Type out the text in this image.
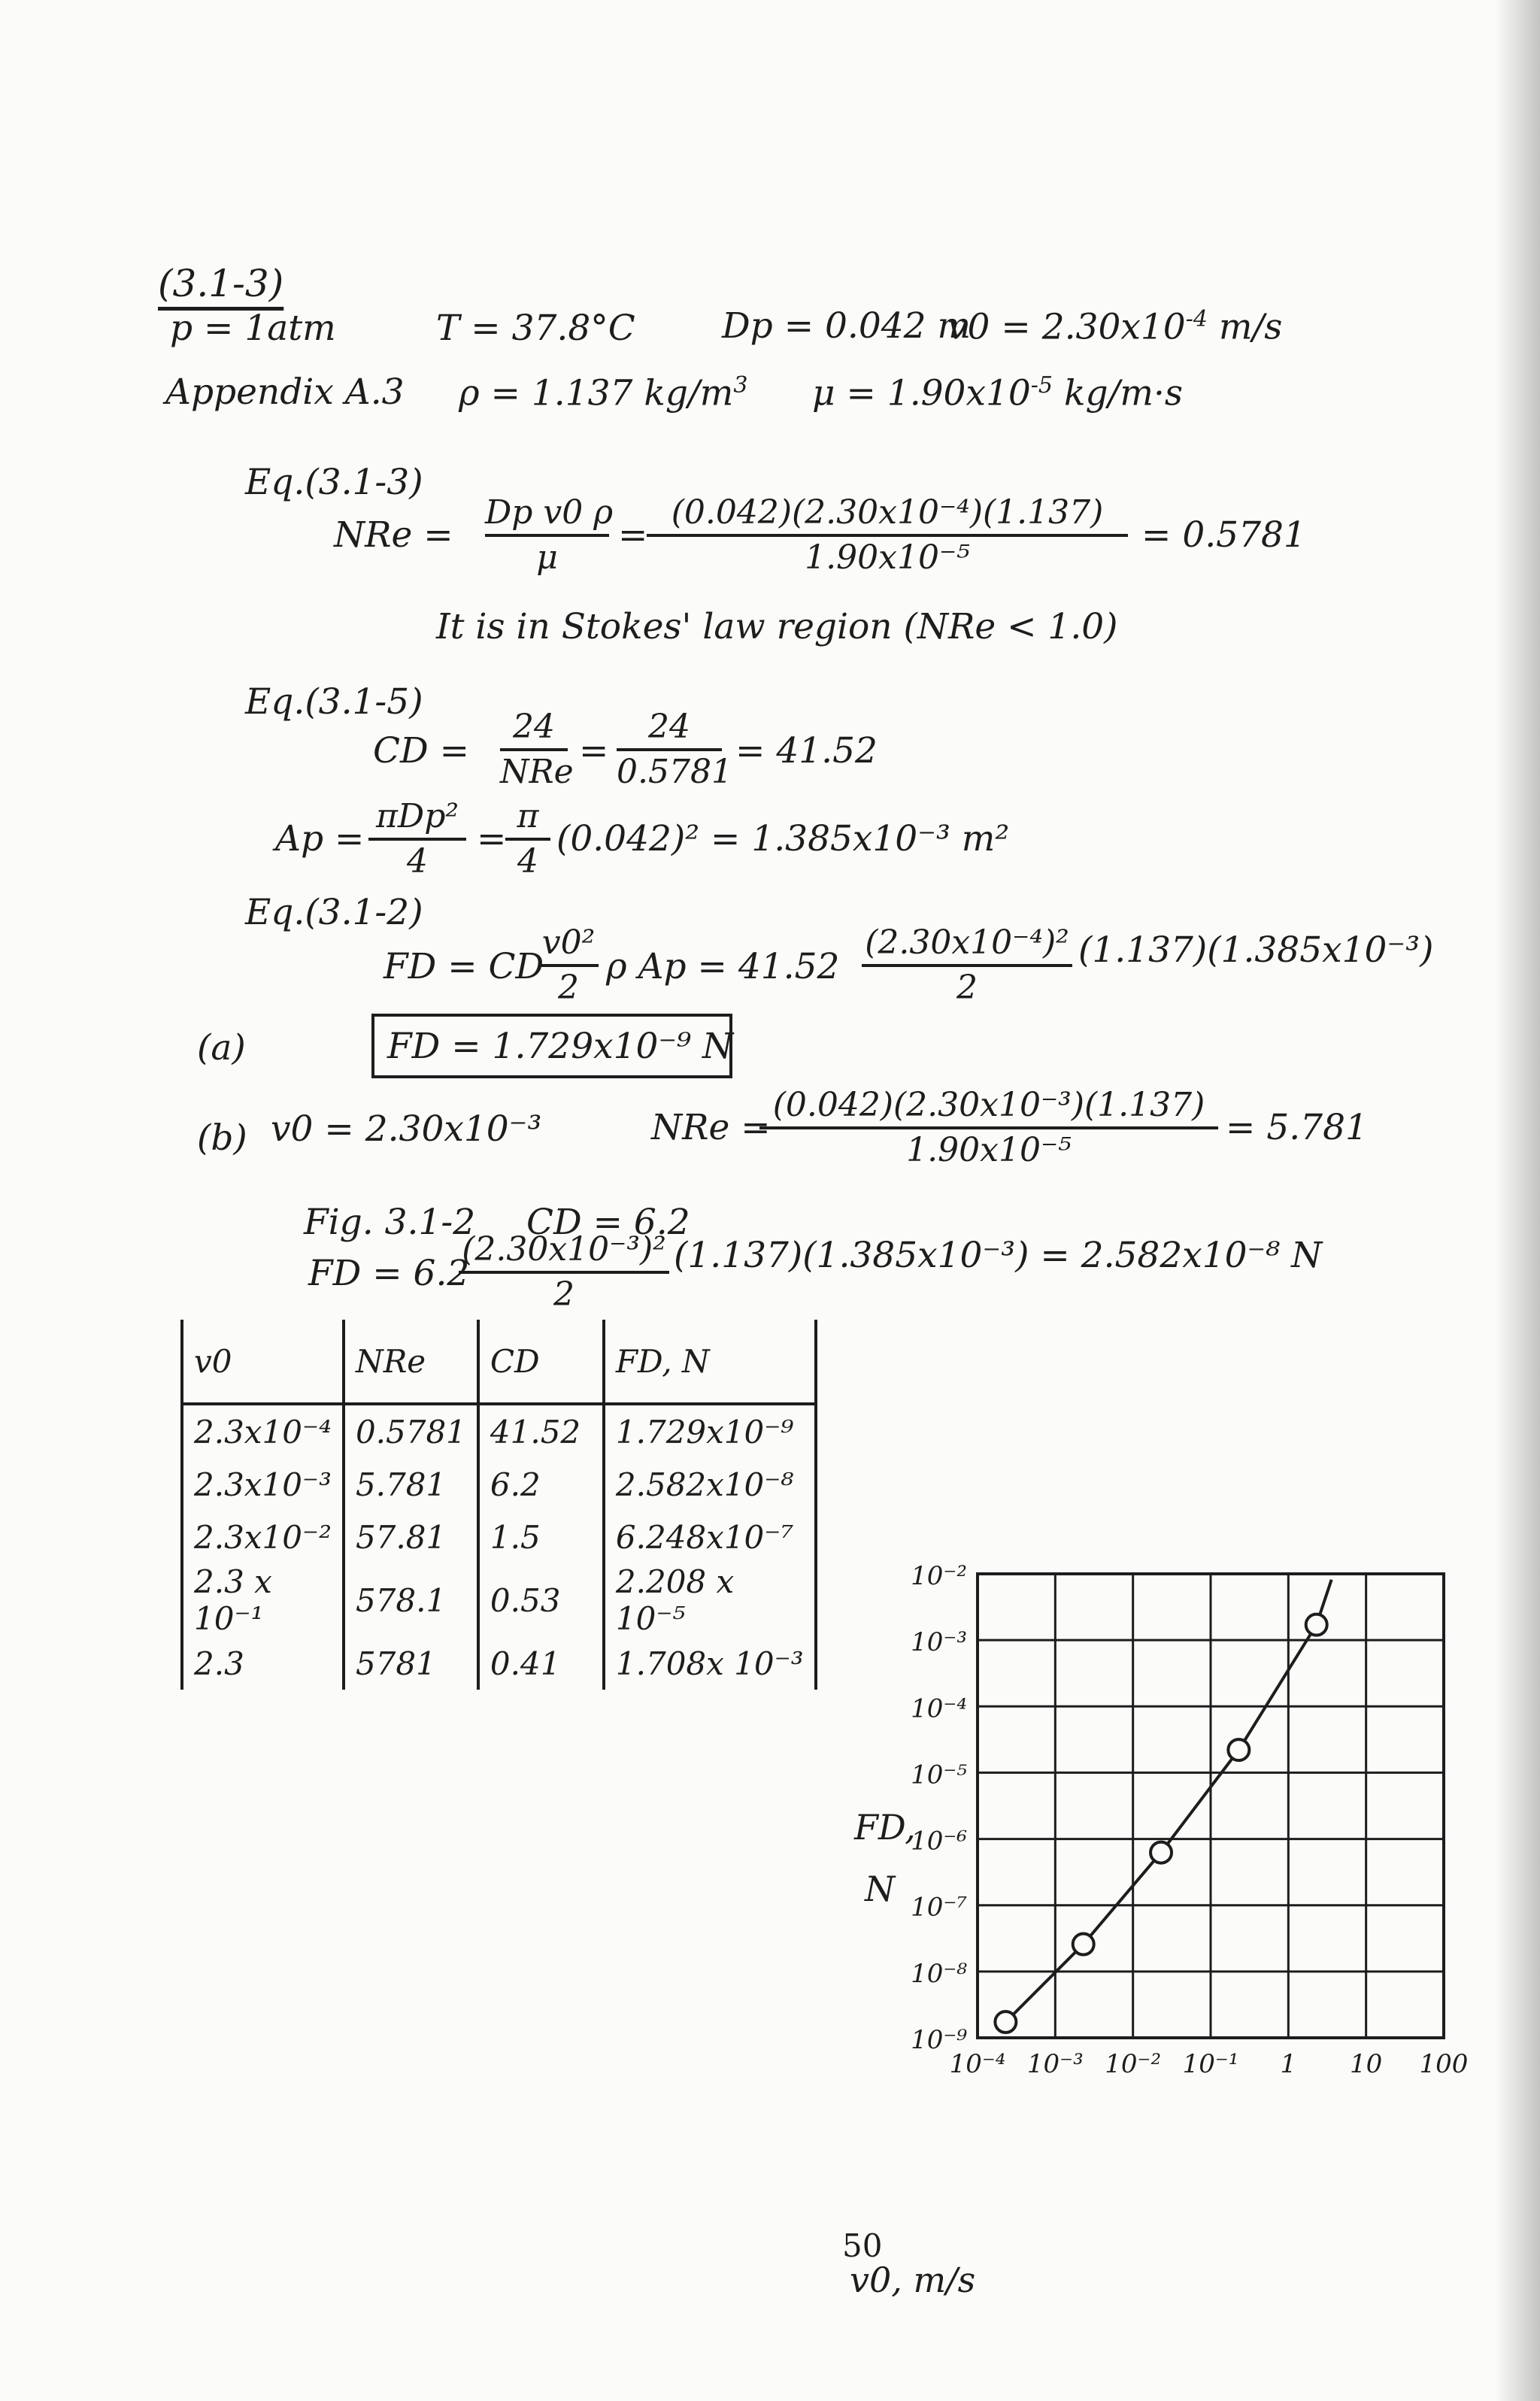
(3.1-3)
p = 1atm	T = 37.8°C Dp = 0.042 m
$v0 = 2.30x10^{-4}$ m/s
Appendix A.3 ρ = 1.137 $kg/m^3$ $\mu = 1.90x10^{-5}$ kg/m·s
Eq.(3.1-3)
NRe = $\frac{\text{Dp v0 ρ}}{\mu}$ =
$\frac{\text{(0.042)(2.30x10⁻⁴)(1.137)}}{\text{1.90x10⁻⁵}} = 0.5781$
It is in Stokes' law region (NRe < 1.0)
Eq.(3.1-5)
CD =
24
NRe
= $\frac{24}{0.5781} = 41.52$
Ap =
πDp²
4
=
$\frac{\pi}{4} (0.042)^2 = 1.385x10^{-3}$ m²
Eq.(3.1-2)
FD = CD
$\frac{\text{v0²}}{2}$ ρ $Ap = 41.52 \frac{\text{(2.30x10⁻⁴)²}}{2} (1.137)(1.385x10^{-3})$
(a)	FD = 1.729x10⁻⁹ N
(b) v0 = 2.30x10⁻³	NRe =
$\frac{\text{(0.042)(2.30x10⁻³)(1.137)}}{\text{1.90x10⁻⁵}} = 5.781$
Fig. 3.1-2 CD = 6.2
FD = 6.2
$\frac{\text{(2.30x10⁻³)²}}{2} (1.137)(1.385x10^{-3}) = 2.582x10^{-8}$ N
v0	NRe	CD	FD, N
2.3x10⁻⁴	0.5781	41.52	1.729x10⁻⁹
2.3x10⁻³	5.781	6.2	2.582x10⁻⁸
2.3x10⁻²	57.81	1.5	6.248x10⁻⁷
2.3 x 10⁻¹	578.1	0.53	2.208 x 10⁻⁵
2.3	5781	0.41	1.708x 10⁻³
10⁻⁹
10⁻⁸
10⁻⁷
10⁻⁶
10⁻⁵
10⁻⁴
10⁻³
10⁻²
10⁻⁴ 10⁻³ 10⁻² 10⁻¹ 1 10 100
v0, m/s
FD,
N
50
